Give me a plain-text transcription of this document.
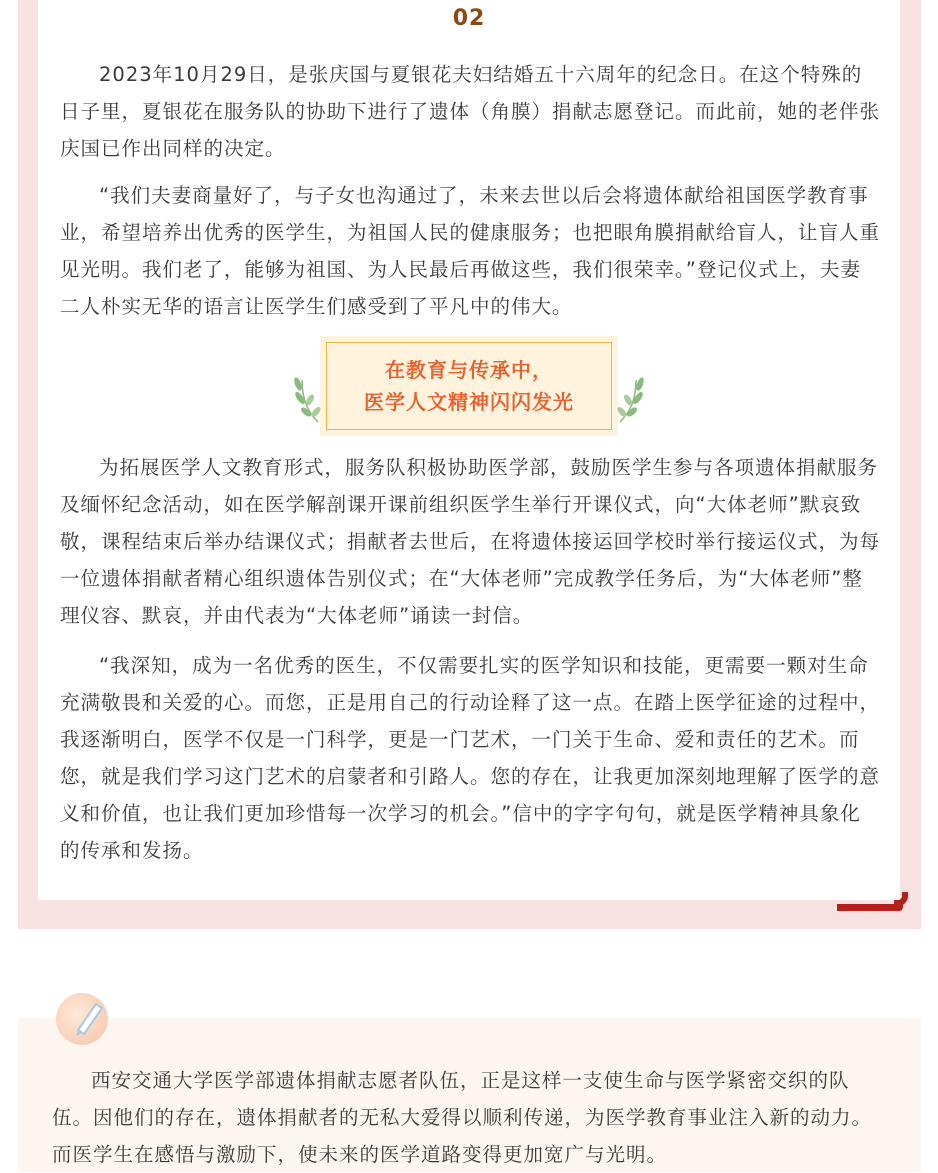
02

2023年10月29日，是张庆国与夏银花夫妇结婚五十六周年的纪念日。在这个特殊的日子里，夏银花在服务队的协助下进行了遗体（角膜）捐献志愿登记。而此前，她的老伴张庆国已作出同样的决定。

“我们夫妻商量好了，与子女也沟通过了，未来去世以后会将遗体献给祖国医学教育事业，希望培养出优秀的医学生，为祖国人民的健康服务；也把眼角膜捐献给盲人，让盲人重见光明。我们老了，能够为祖国、为人民最后再做这些，我们很荣幸。”登记仪式上，夫妻二人朴实无华的语言让医学生们感受到了平凡中的伟大。

在教育与传承中，
医学人文精神闪闪发光

为拓展医学人文教育形式，服务队积极协助医学部，鼓励医学生参与各项遗体捐献服务及缅怀纪念活动，如在医学解剖课开课前组织医学生举行开课仪式，向“大体老师”默哀致敬，课程结束后举办结课仪式；捐献者去世后，在将遗体接运回学校时举行接运仪式，为每一位遗体捐献者精心组织遗体告别仪式；在“大体老师”完成教学任务后，为“大体老师”整理仪容、默哀，并由代表为“大体老师”诵读一封信。

“我深知，成为一名优秀的医生，不仅需要扎实的医学知识和技能，更需要一颗对生命充满敬畏和关爱的心。而您，正是用自己的行动诠释了这一点。在踏上医学征途的过程中，我逐渐明白，医学不仅是一门科学，更是一门艺术，一门关于生命、爱和责任的艺术。而您，就是我们学习这门艺术的启蒙者和引路人。您的存在，让我更加深刻地理解了医学的意义和价值，也让我们更加珍惜每一次学习的机会。”信中的字字句句，就是医学精神具象化的传承和发扬。

西安交通大学医学部遗体捐献志愿者队伍，正是这样一支使生命与医学紧密交织的队伍。因他们的存在，遗体捐献者的无私大爱得以顺利传递，为医学教育事业注入新的动力。而医学生在感悟与激励下，使未来的医学道路变得更加宽广与光明。
